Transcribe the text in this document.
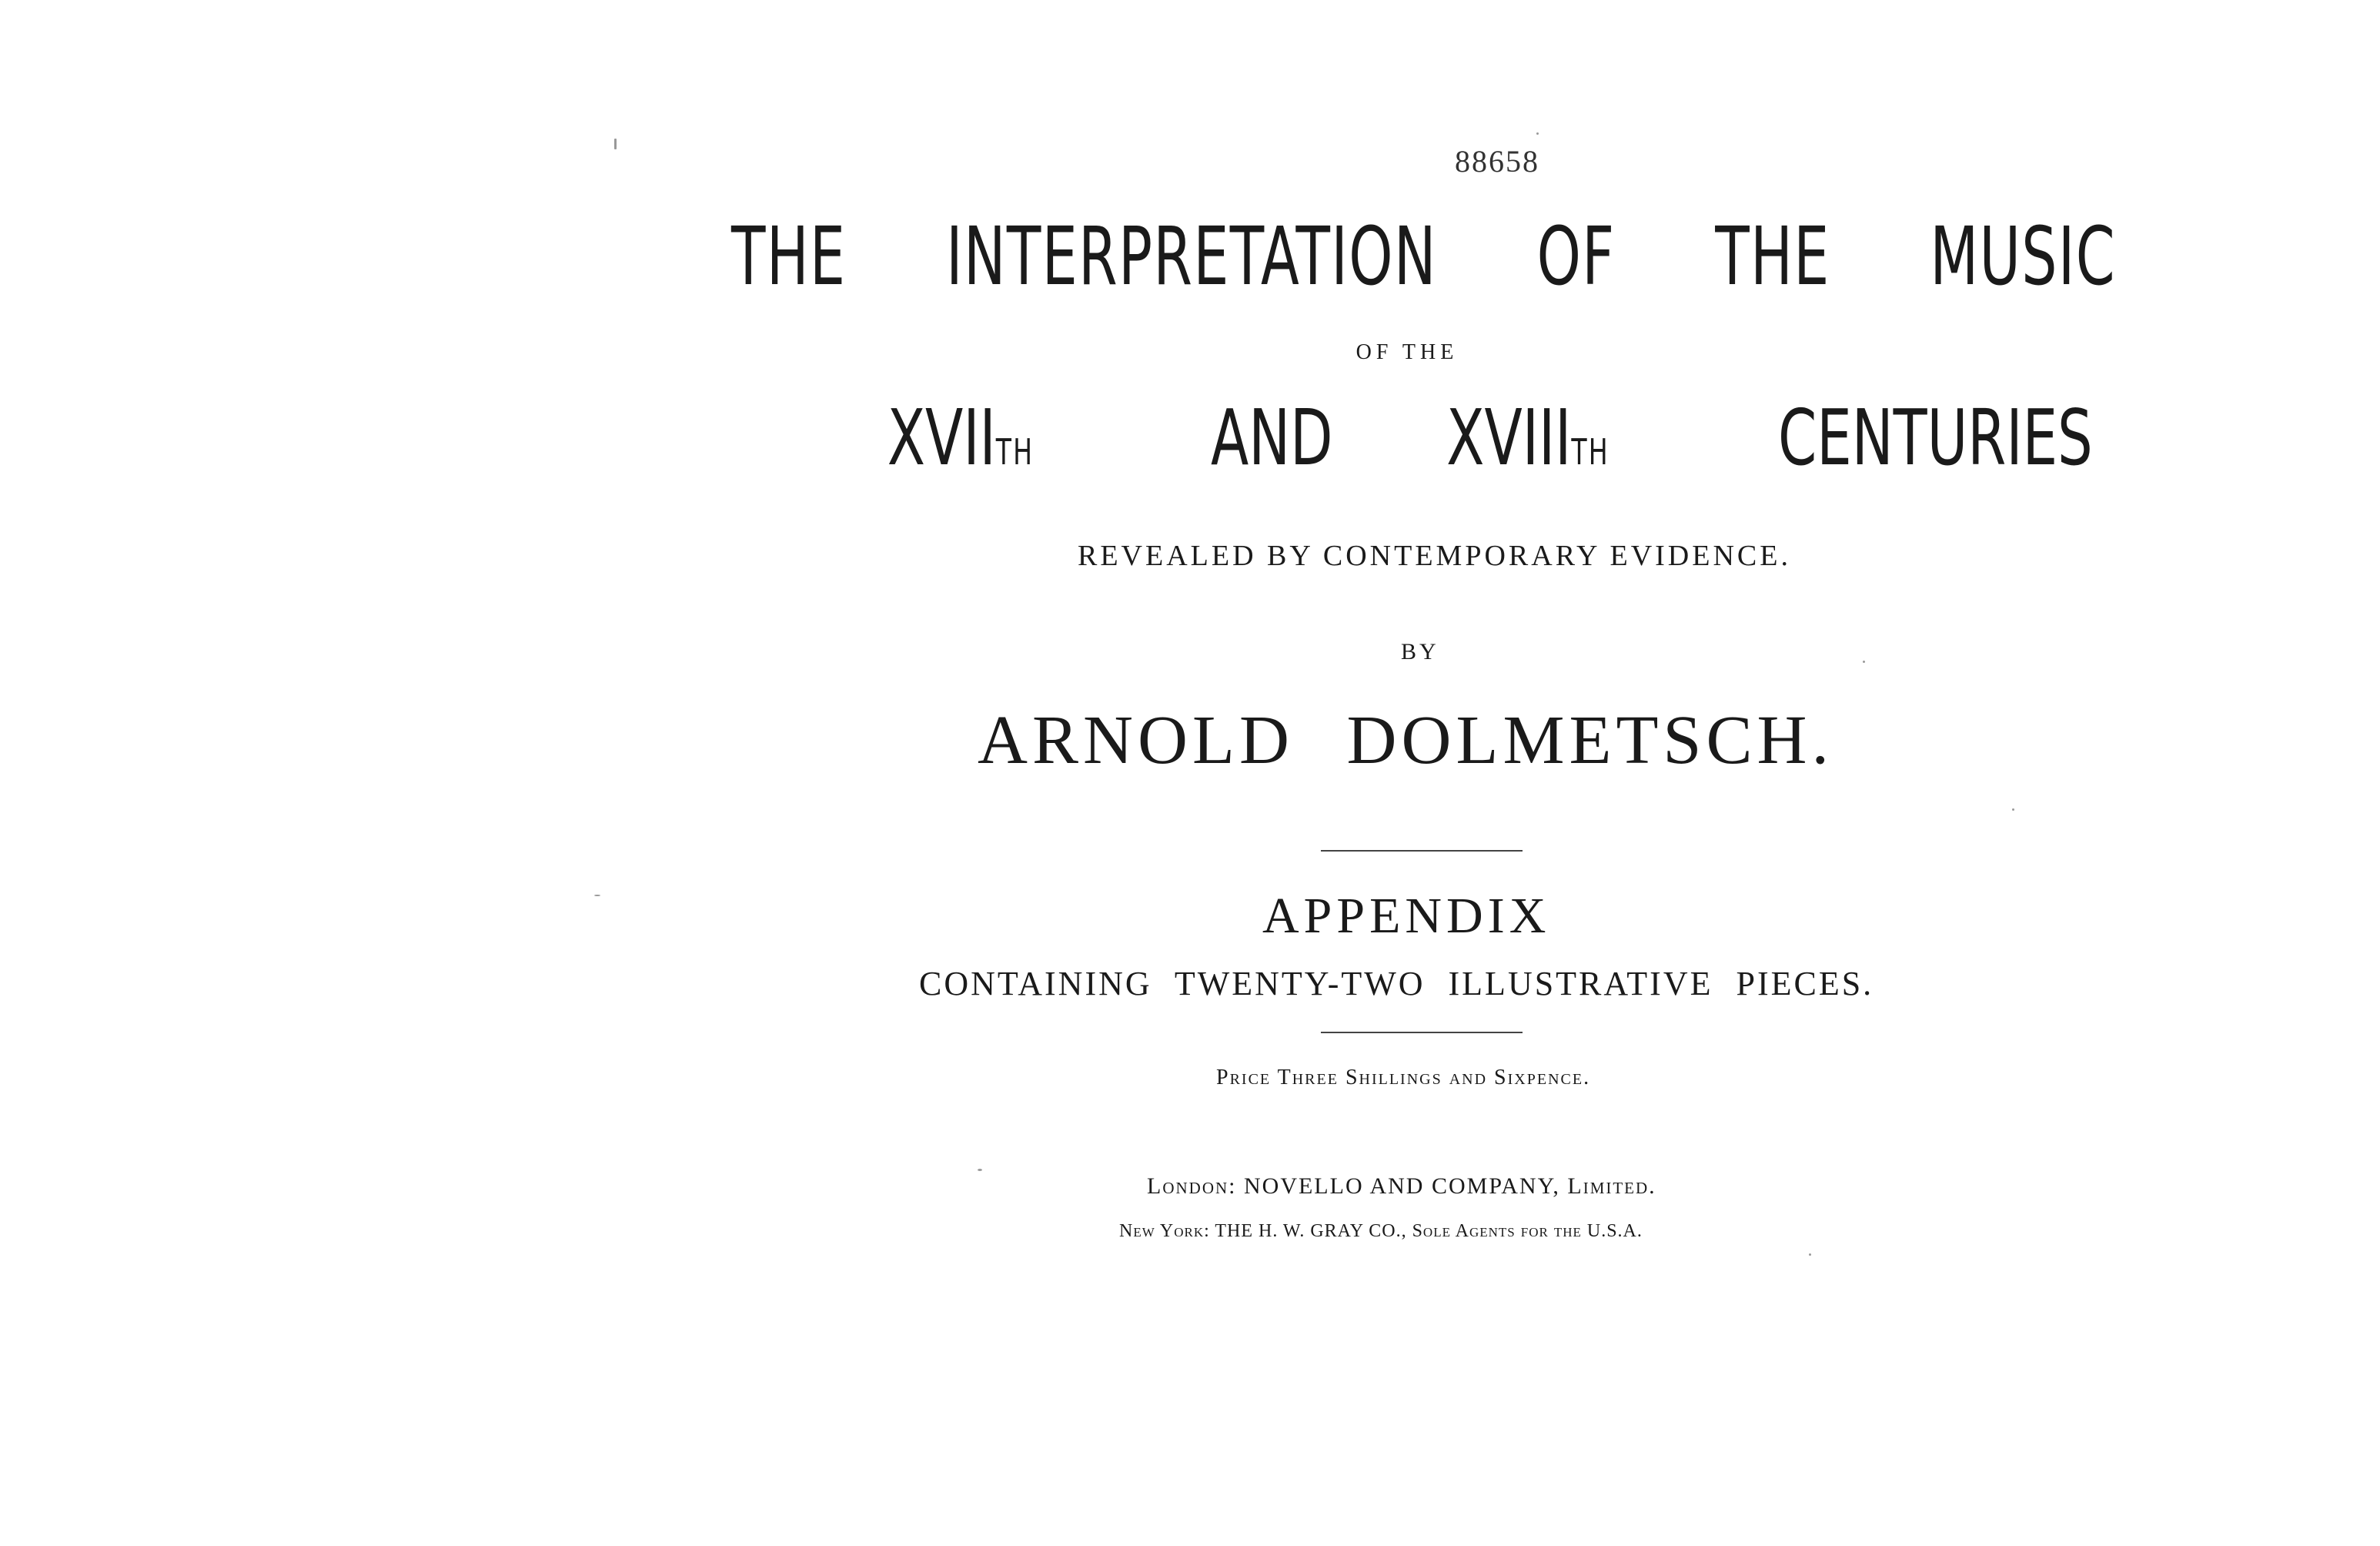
88658
THE INTERPRETATION OF THE MUSIC
OF THE
XVIITH AND XVIIITH CENTURIES
REVEALED BY CONTEMPORARY EVIDENCE.
BY
ARNOLD DOLMETSCH.
APPENDIX
CONTAINING TWENTY-TWO ILLUSTRATIVE PIECES.
Price Three Shillings and Sixpence.
London: NOVELLO AND COMPANY, Limited.
New York: THE H. W. GRAY CO., Sole Agents for the U.S.A.
